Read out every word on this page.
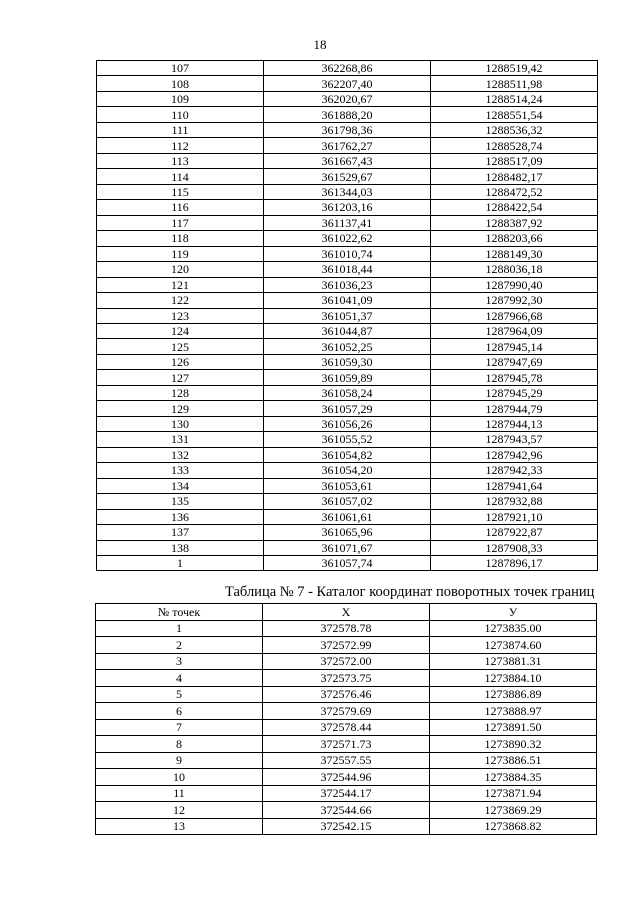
18
107	362268,86	1288519,42
108	362207,40	1288511,98
109	362020,67	1288514,24
110	361888,20	1288551,54
111	361798,36	1288536,32
112	361762,27	1288528,74
113	361667,43	1288517,09
114	361529,67	1288482,17
115	361344,03	1288472,52
116	361203,16	1288422,54
117	361137,41	1288387,92
118	361022,62	1288203,66
119	361010,74	1288149,30
120	361018,44	1288036,18
121	361036,23	1287990,40
122	361041,09	1287992,30
123	361051,37	1287966,68
124	361044,87	1287964,09
125	361052,25	1287945,14
126	361059,30	1287947,69
127	361059,89	1287945,78
128	361058,24	1287945,29
129	361057,29	1287944,79
130	361056,26	1287944,13
131	361055,52	1287943,57
132	361054,82	1287942,96
133	361054,20	1287942,33
134	361053,61	1287941,64
135	361057,02	1287932,88
136	361061,61	1287921,10
137	361065,96	1287922,87
138	361071,67	1287908,33
1	361057,74	1287896,17
Таблица № 7 - Каталог координат поворотных точек границ
№ точек	X	У
1	372578.78	1273835.00
2	372572.99	1273874.60
3	372572.00	1273881.31
4	372573.75	1273884.10
5	372576.46	1273886.89
6	372579.69	1273888.97
7	372578.44	1273891.50
8	372571.73	1273890.32
9	372557.55	1273886.51
10	372544.96	1273884.35
11	372544.17	1273871.94
12	372544.66	1273869.29
13	372542.15	1273868.82
